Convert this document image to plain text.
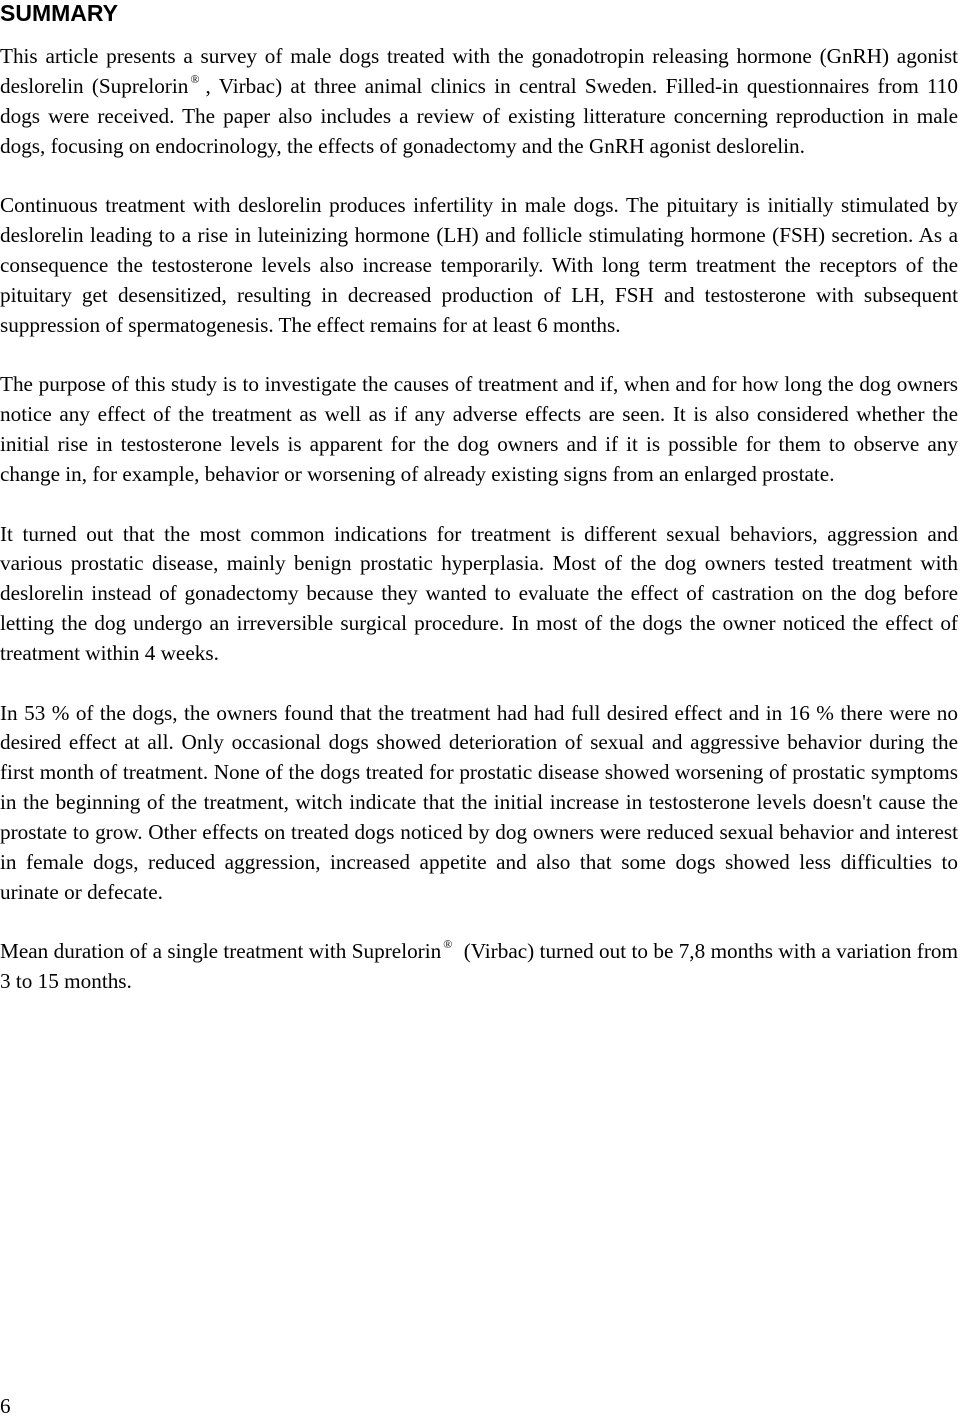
SUMMARY

This article presents a survey of male dogs treated with the gonadotropin releasing hormone (GnRH) agonist deslorelin (Suprelorin ® , Virbac) at three animal clinics in central Sweden. Filled-in questionnaires from 110 dogs were received. The paper also includes a review of existing litterature concerning reproduction in male dogs, focusing on endocrinology, the effects of gonadectomy and the GnRH agonist deslorelin.

Continuous treatment with deslorelin produces infertility in male dogs. The pituitary is initially stimulated by deslorelin leading to a rise in luteinizing hormone (LH) and follicle stimulating hormone (FSH) secretion. As a consequence the testosterone levels also increase temporarily. With long term treatment the receptors of the pituitary get desensitized, resulting in decreased production of LH, FSH and testosterone with subsequent suppression of spermatogenesis. The effect remains for at least 6 months.

The purpose of this study is to investigate the causes of treatment and if, when and for how long the dog owners notice any effect of the treatment as well as if any adverse effects are seen. It is also considered whether the initial rise in testosterone levels is apparent for the dog owners and if it is possible for them to observe any change in, for example, behavior or worsening of already existing signs from an enlarged prostate.

It turned out that the most common indications for treatment is different sexual behaviors, aggression and various prostatic disease, mainly benign prostatic hyperplasia. Most of the dog owners tested treatment with deslorelin instead of gonadectomy because they wanted to evaluate the effect of castration on the dog before letting the dog undergo an irreversible surgical procedure. In most of the dogs the owner noticed the effect of treatment within 4 weeks.

In 53 % of the dogs, the owners found that the treatment had had full desired effect and in 16 % there were no desired effect at all. Only occasional dogs showed deterioration of sexual and aggressive behavior during the first month of treatment. None of the dogs treated for prostatic disease showed worsening of prostatic symptoms in the beginning of the treatment, witch indicate that the initial increase in testosterone levels doesn't cause the prostate to grow. Other effects on treated dogs noticed by dog owners were reduced sexual behavior and interest in female dogs, reduced aggression, increased appetite and also that some dogs showed less difficulties to urinate or defecate.

Mean duration of a single treatment with Suprelorin ® (Virbac) turned out to be 7,8 months with a variation from 3 to 15 months.

6
